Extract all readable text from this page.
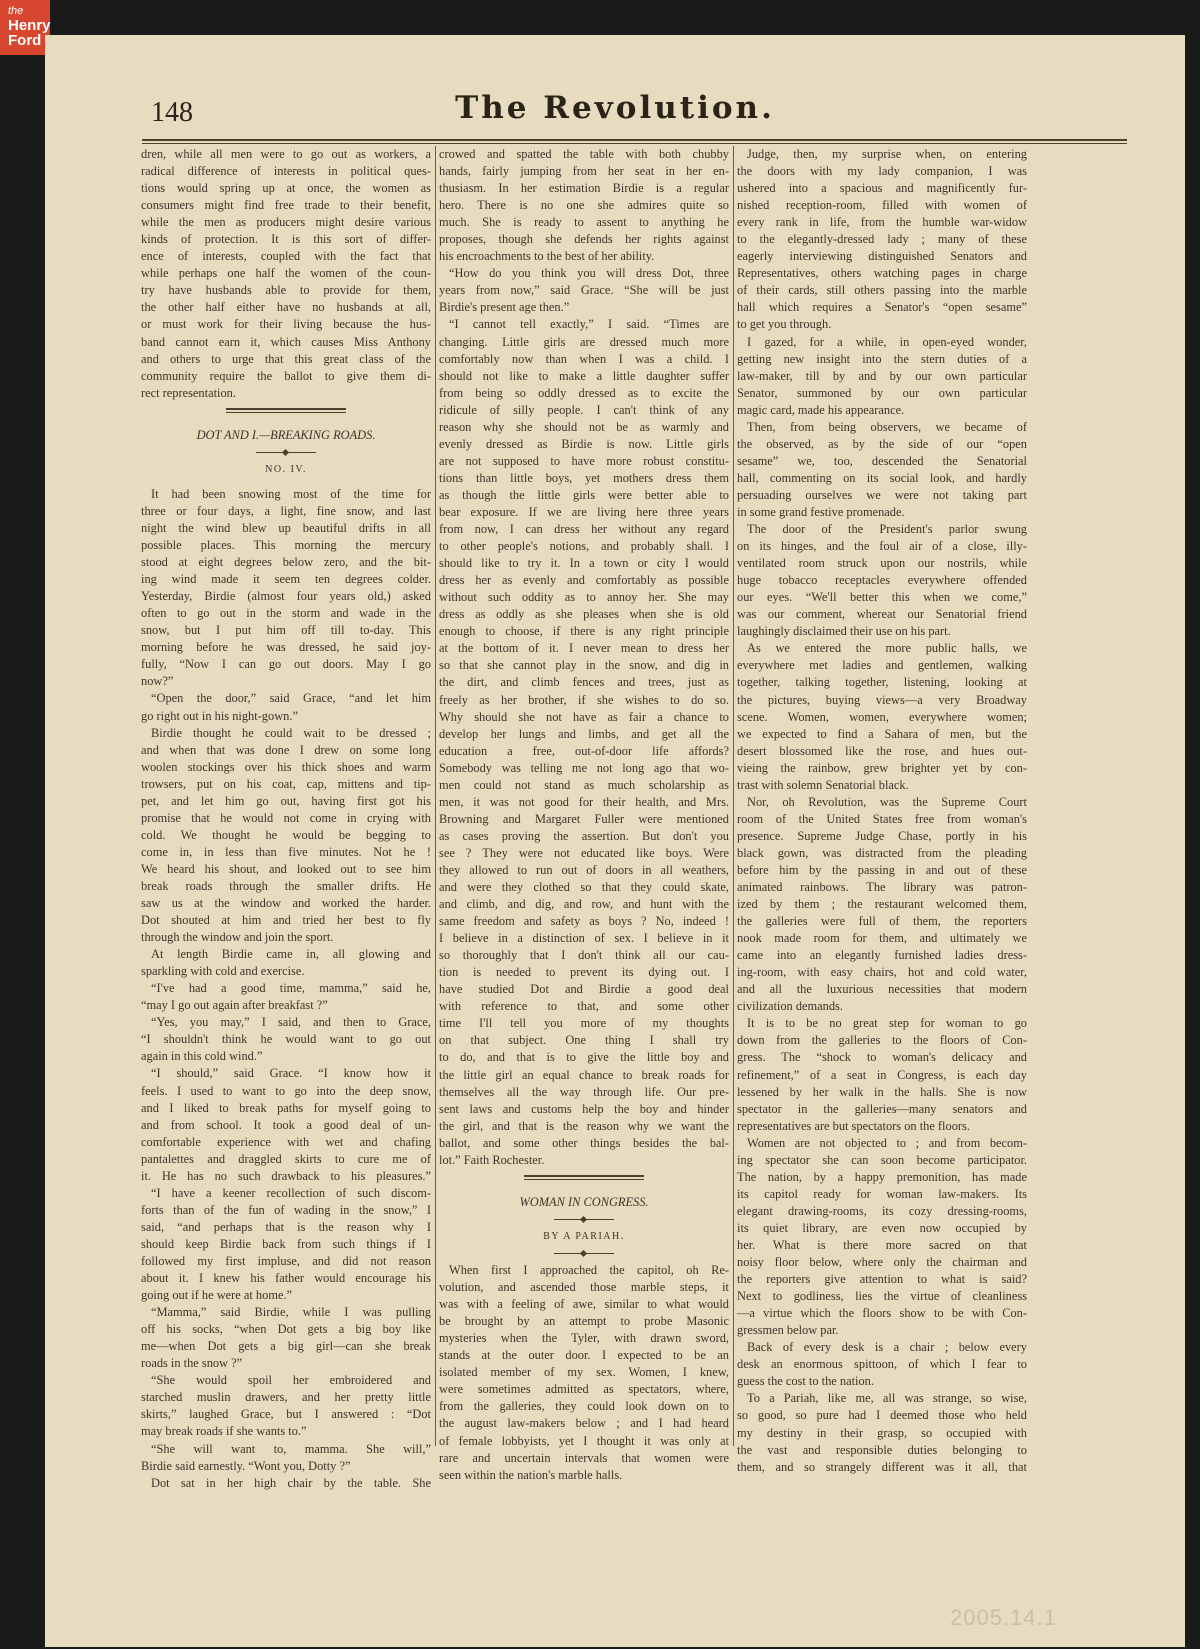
the
Henry Ford
148	The Revolution.
dren, while all men were to go out as workers, a
radical difference of interests in political ques-
tions would spring up at once, the women as
consumers might find free trade to their benefit,
while the men as producers might desire various
kinds of protection. It is this sort of differ-
ence of interests, coupled with the fact that
while perhaps one half the women of the coun-
try have husbands able to provide for them,
the other half either have no husbands at all,
or must work for their living because the hus-
band cannot earn it, which causes Miss Anthony
and others to urge that this great class of the
community require the ballot to give them di-
rect representation.
DOT AND I.—BREAKING ROADS.
NO. IV.
It had been snowing most of the time for
three or four days, a light, fine snow, and last
night the wind blew up beautiful drifts in all
possible places. This morning the mercury
stood at eight degrees below zero, and the bit-
ing wind made it seem ten degrees colder.
Yesterday, Birdie (almost four years old,) asked
often to go out in the storm and wade in the
snow, but I put him off till to-day. This
morning before he was dressed, he said joy-
fully, “Now I can go out doors. May I go
now?”
“Open the door,” said Grace, “and let him
go right out in his night-gown.”
Birdie thought he could wait to be dressed ;
and when that was done I drew on some long
woolen stockings over his thick shoes and warm
trowsers, put on his coat, cap, mittens and tip-
pet, and let him go out, having first got his
promise that he would not come in crying with
cold. We thought he would be begging to
come in, in less than five minutes. Not he !
We heard his shout, and looked out to see him
break roads through the smaller drifts. He
saw us at the window and worked the harder.
Dot shouted at him and tried her best to fly
through the window and join the sport.
At length Birdie came in, all glowing and
sparkling with cold and exercise.
“I've had a good time, mamma,” said he,
“may I go out again after breakfast ?”
“Yes, you may,” I said, and then to Grace,
“I shouldn't think he would want to go out
again in this cold wind.”
“I should,” said Grace. “I know how it
feels. I used to want to go into the deep snow,
and I liked to break paths for myself going to
and from school. It took a good deal of un-
comfortable experience with wet and chafing
pantalettes and draggled skirts to cure me of
it. He has no such drawback to his pleasures.”
“I have a keener recollection of such discom-
forts than of the fun of wading in the snow,” I
said, “and perhaps that is the reason why I
should keep Birdie back from such things if I
followed my first impluse, and did not reason
about it. I knew his father would encourage his
going out if he were at home.”
“Mamma,” said Birdie, while I was pulling
off his socks, “when Dot gets a big boy like
me—when Dot gets a big girl—can she break
roads in the snow ?”
“She would spoil her embroidered and
starched muslin drawers, and her pretty little
skirts,” laughed Grace, but I answered : “Dot
may break roads if she wants to.”
“She will want to, mamma. She will,”
Birdie said earnestly. “Wont you, Dotty ?”
Dot sat in her high chair by the table. She
crowed and spatted the table with both chubby
hands, fairly jumping from her seat in her en-
thusiasm. In her estimation Birdie is a regular
hero. There is no one she admires quite so
much. She is ready to assent to anything he
proposes, though she defends her rights against
his encroachments to the best of her ability.
“How do you think you will dress Dot, three
years from now,” said Grace. “She will be just
Birdie's present age then.”
“I cannot tell exactly,” I said. “Times are
changing. Little girls are dressed much more
comfortably now than when I was a child. I
should not like to make a little daughter suffer
from being so oddly dressed as to excite the
ridicule of silly people. I can't think of any
reason why she should not be as warmly and
evenly dressed as Birdie is now. Little girls
are not supposed to have more robust constitu-
tions than little boys, yet mothers dress them
as though the little girls were better able to
bear exposure. If we are living here three years
from now, I can dress her without any regard
to other people's notions, and probably shall. I
should like to try it. In a town or city I would
dress her as evenly and comfortably as possible
without such oddity as to annoy her. She may
dress as oddly as she pleases when she is old
enough to choose, if there is any right principle
at the bottom of it. I never mean to dress her
so that she cannot play in the snow, and dig in
the dirt, and climb fences and trees, just as
freely as her brother, if she wishes to do so.
Why should she not have as fair a chance to
develop her lungs and limbs, and get all the
education a free, out-of-door life affords?
Somebody was telling me not long ago that wo-
men could not stand as much scholarship as
men, it was not good for their health, and Mrs.
Browning and Margaret Fuller were mentioned
as cases proving the assertion. But don't you
see ? They were not educated like boys. Were
they allowed to run out of doors in all weathers,
and were they clothed so that they could skate,
and climb, and dig, and row, and hunt with the
same freedom and safety as boys ? No, indeed !
I believe in a distinction of sex. I believe in it
so thoroughly that I don't think all our cau-
tion is needed to prevent its dying out. I
have studied Dot and Birdie a good deal
with reference to that, and some other
time I'll tell you more of my thoughts
on that subject. One thing I shall try
to do, and that is to give the little boy and
the little girl an equal chance to break roads for
themselves all the way through life. Our pre-
sent laws and customs help the boy and hinder
the girl, and that is the reason why we want the
ballot, and some other things besides the bal-
lot.” Faith Rochester.
WOMAN IN CONGRESS.
BY A PARIAH.
When first I approached the capitol, oh Re-
volution, and ascended those marble steps, it
was with a feeling of awe, similar to what would
be brought by an attempt to probe Masonic
mysteries when the Tyler, with drawn sword,
stands at the outer door. I expected to be an
isolated member of my sex. Women, I knew,
were sometimes admitted as spectators, where,
from the galleries, they could look down on to
the august law-makers below ; and I had heard
of female lobbyists, yet I thought it was only at
rare and uncertain intervals that women were
seen within the nation's marble halls.
Judge, then, my surprise when, on entering
the doors with my lady companion, I was
ushered into a spacious and magnificently fur-
nished reception-room, filled with women of
every rank in life, from the humble war-widow
to the elegantly-dressed lady ; many of these
eagerly interviewing distinguished Senators and
Representatives, others watching pages in charge
of their cards, still others passing into the marble
hall which requires a Senator's “open sesame”
to get you through.
I gazed, for a while, in open-eyed wonder,
getting new insight into the stern duties of a
law-maker, till by and by our own particular
Senator, summoned by our own particular
magic card, made his appearance.
Then, from being observers, we became of
the observed, as by the side of our “open
sesame” we, too, descended the Senatorial
hall, commenting on its social look, and hardly
persuading ourselves we were not taking part
in some grand festive promenade.
The door of the President's parlor swung
on its hinges, and the foul air of a close, illy-
ventilated room struck upon our nostrils, while
huge tobacco receptacles everywhere offended
our eyes. “We'll better this when we come,”
was our comment, whereat our Senatorial friend
laughingly disclaimed their use on his part.
As we entered the more public halls, we
everywhere met ladies and gentlemen, walking
together, talking together, listening, looking at
the pictures, buying views—a very Broadway
scene. Women, women, everywhere women;
we expected to find a Sahara of men, but the
desert blossomed like the rose, and hues out-
vieing the rainbow, grew brighter yet by con-
trast with solemn Senatorial black.
Nor, oh Revolution, was the Supreme Court
room of the United States free from woman's
presence. Supreme Judge Chase, portly in his
black gown, was distracted from the pleading
before him by the passing in and out of these
animated rainbows. The library was patron-
ized by them ; the restaurant welcomed them,
the galleries were full of them, the reporters
nook made room for them, and ultimately we
came into an elegantly furnished ladies dress-
ing-room, with easy chairs, hot and cold water,
and all the luxurious necessities that modern
civilization demands.
It is to be no great step for woman to go
down from the galleries to the floors of Con-
gress. The “shock to woman's delicacy and
refinement,” of a seat in Congress, is each day
lessened by her walk in the halls. She is now
spectator in the galleries—many senators and
representatives are but spectators on the floors.
Women are not objected to ; and from becom-
ing spectator she can soon become participator.
The nation, by a happy premonition, has made
its capitol ready for woman law-makers. Its
elegant drawing-rooms, its cozy dressing-rooms,
its quiet library, are even now occupied by
her. What is there more sacred on that
noisy floor below, where only the chairman and
the reporters give attention to what is said?
Next to godliness, lies the virtue of cleanliness
—a virtue which the floors show to be with Con-
gressmen below par.
Back of every desk is a chair ; below every
desk an enormous spittoon, of which I fear to
guess the cost to the nation.
To a Pariah, like me, all was strange, so wise,
so good, so pure had I deemed those who held
my destiny in their grasp, so occupied with
the vast and responsible duties belonging to
them, and so strangely different was it all, that
2005.14.1
